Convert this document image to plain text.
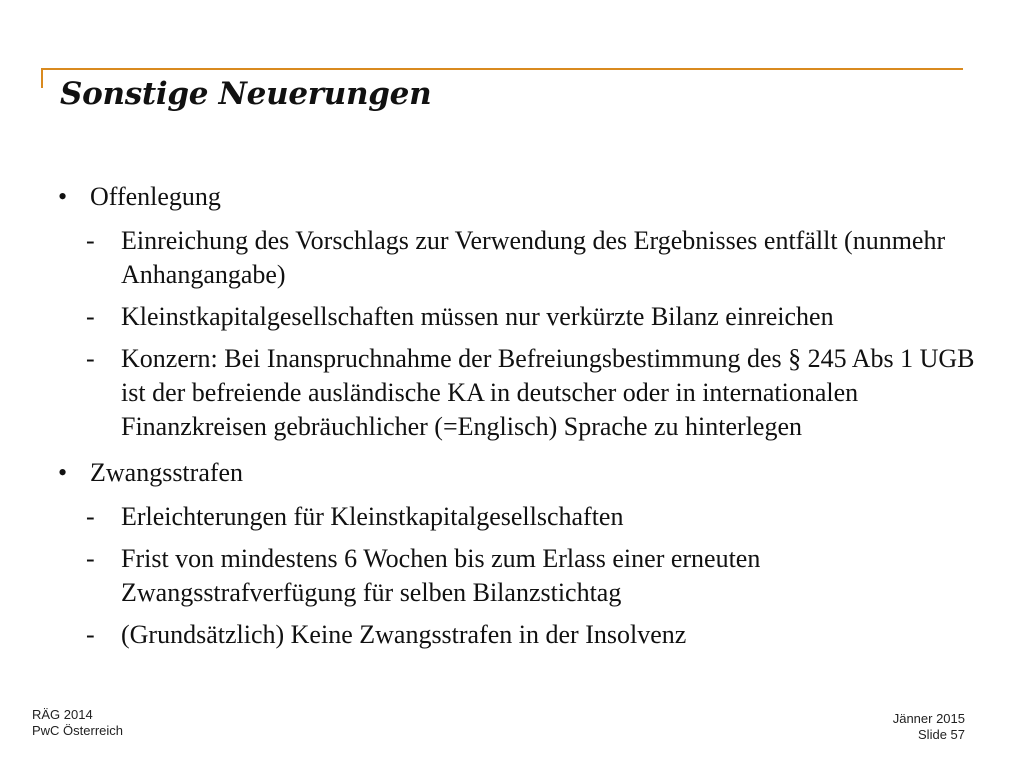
Sonstige Neuerungen
• Offenlegung
-	Einreichung des Vorschlags zur Verwendung des Ergebnisses entfällt (nunmehr Anhangangabe)
-	Kleinstkapitalgesellschaften müssen nur verkürzte Bilanz einreichen
-	Konzern: Bei Inanspruchnahme der Befreiungsbestimmung des § 245 Abs 1 UGB ist der befreiende ausländische KA in deutscher oder in internationalen Finanzkreisen gebräuchlicher (=Englisch) Sprache zu hinterlegen
• Zwangsstrafen
-	Erleichterungen für Kleinstkapitalgesellschaften
-	Frist von mindestens 6 Wochen bis zum Erlass einer erneuten Zwangsstrafverfügung für selben Bilanzstichtag
-	(Grundsätzlich) Keine Zwangsstrafen in der Insolvenz
RÄG 2014
PwC Österreich
Jänner 2015
Slide 57
